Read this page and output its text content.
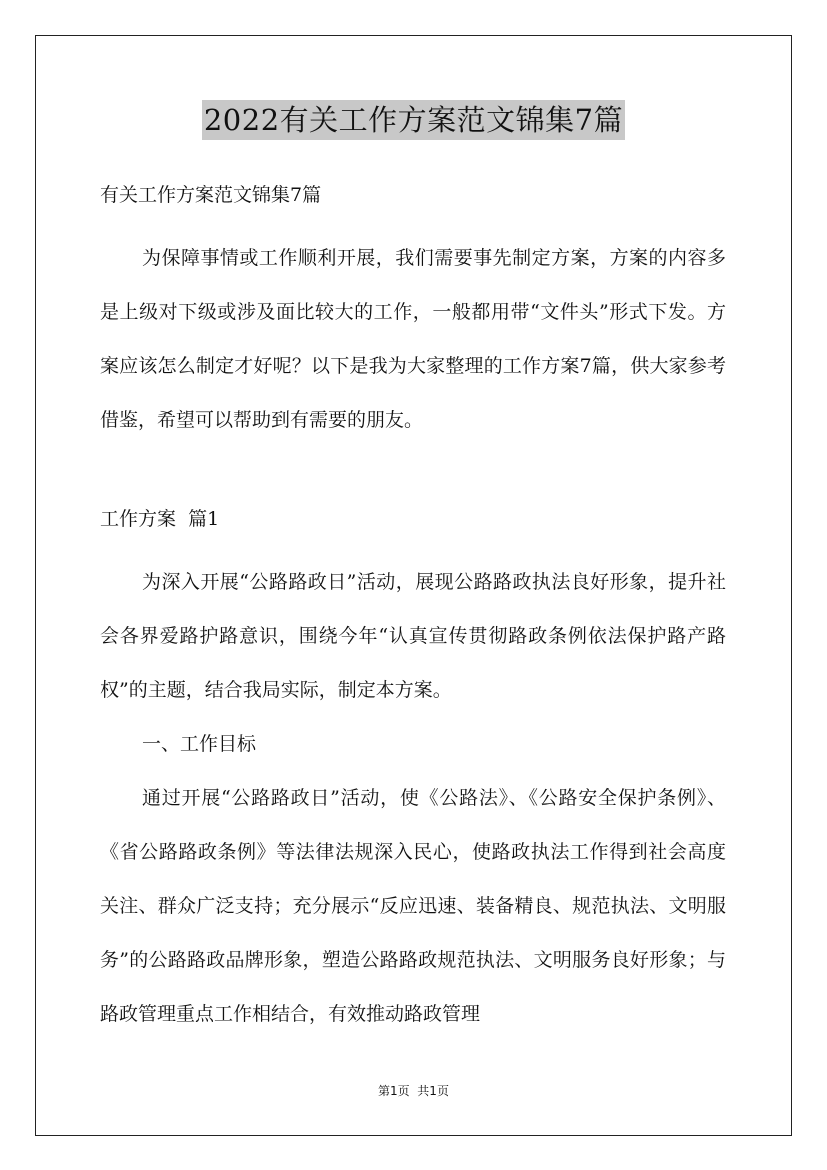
2022有关工作方案范文锦集7篇
有关工作方案范文锦集7篇

为保障事情或工作顺利开展，我们需要事先制定方案，方案的内容多是上级对下级或涉及面比较大的工作，一般都用带“文件头”形式下发。方案应该怎么制定才好呢？以下是我为大家整理的工作方案7篇，供大家参考借鉴，希望可以帮助到有需要的朋友。

工作方案  篇1

为深入开展“公路路政日”活动，展现公路路政执法良好形象，提升社会各界爱路护路意识，围绕今年“认真宣传贯彻路政条例依法保护路产路权”的主题，结合我局实际，制定本方案。

一、工作目标

通过开展“公路路政日”活动，使《公路法》、《公路安全保护条例》、《省公路路政条例》等法律法规深入民心，使路政执法工作得到社会高度关注、群众广泛支持；充分展示“反应迅速、装备精良、规范执法、文明服务”的公路路政品牌形象，塑造公路路政规范执法、文明服务良好形象；与路政管理重点工作相结合，有效推动路政管理

第1页  共1页
